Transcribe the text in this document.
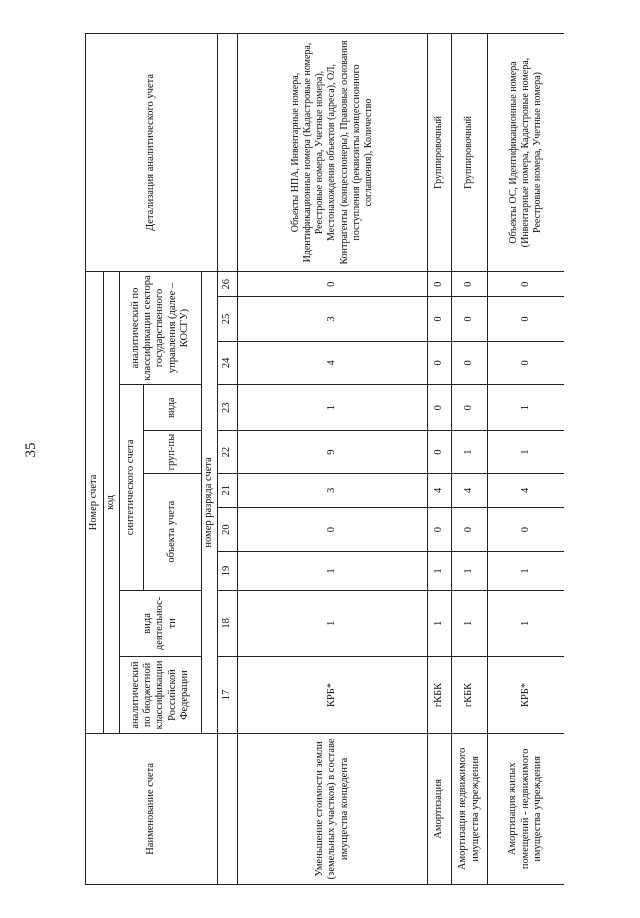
35
Наименование счета	Номер счета										Детализация аналитического учета
	код										
	аналитический по бюджетной классификации Российской Федерации	вида деятельнос-ти	синтетического счета					аналитический по классификации сектора государственного управления (далее – КОСГУ)			
			объекта учета			груп-пы	вида				
	номер разряда счета										
	17	18	19	20	21	22	23	24	25	26	
Уменьшение стоимости земли (земельных участков) в составе имущества концедента	КРБ*	1	1	0	3	9	1	4	3	0	Объекты НПА, Инвентарные номера, Идентификационные номера (Кадастровые номера, Реестровые номера, Учетные номера), Местонахождения объектов (адреса), ОЛ, Контрагенты (концессионеры), Правовые основания поступления (реквизиты концессионного соглашения), Количество
Амортизация	гКБК	1	1	0	4	0	0	0	0	0	Группировочный
Амортизация недвижимого имущества учреждения	гКБК	1	1	0	4	1	0	0	0	0	Группировочный
Амортизация жилых помещений - недвижимого имущества учреждения	КРБ*	1	1	0	4	1	1	0	0	0	Объекты ОС, Идентификационные номера (Инвентарные номера, Кадастровые номера, Реестровые номера, Учетные номера)
